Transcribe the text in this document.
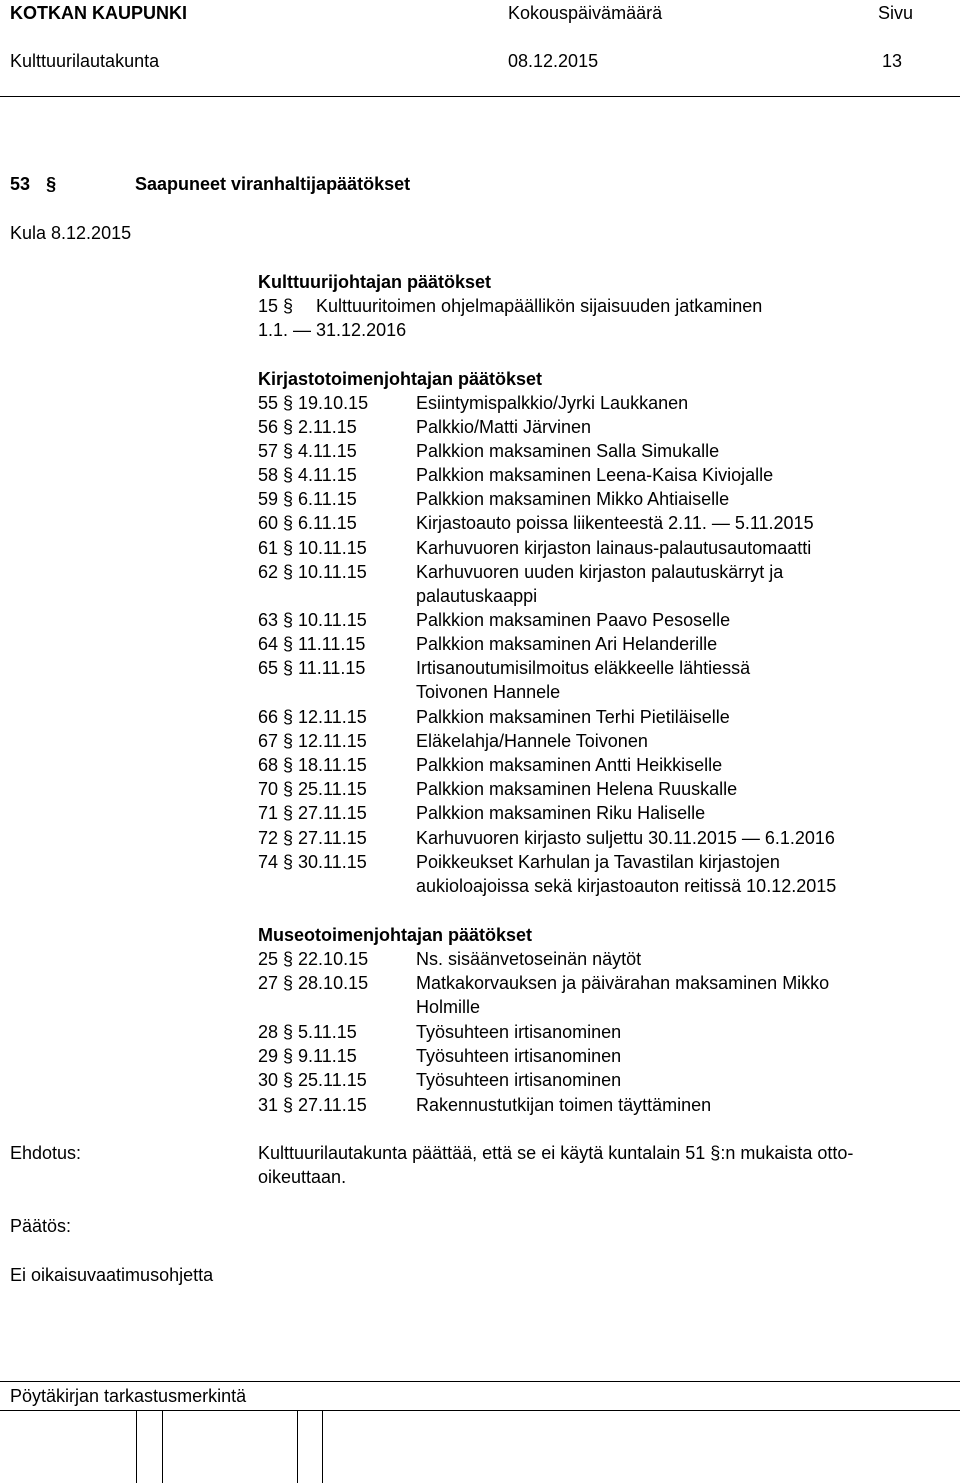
KOTKAN KAUPUNKI	Kokouspäivämäärä	Sivu
Kulttuurilautakunta	08.12.2015	13
53 §	Saapuneet viranhaltijapäätökset
Kula 8.12.2015
Kulttuurijohtajan päätökset
15 § Kulttuuritoimen ohjelmapäällikön sijaisuuden jatkaminen
1.1. — 31.12.2016
Kirjastotoimenjohtajan päätökset
55 § 19.10.15	Esiintymispalkkio/Jyrki Laukkanen
56 § 2.11.15	Palkkio/Matti Järvinen
57 § 4.11.15	Palkkion maksaminen Salla Simukalle
58 § 4.11.15	Palkkion maksaminen Leena-Kaisa Kiviojalle
59 § 6.11.15	Palkkion maksaminen Mikko Ahtiaiselle
60 § 6.11.15	Kirjastoauto poissa liikenteestä 2.11. — 5.11.2015
61 § 10.11.15	Karhuvuoren kirjaston lainaus-palautusautomaatti
62 § 10.11.15	Karhuvuoren uuden kirjaston palautuskärryt ja
palautuskaappi
63 § 10.11.15	Palkkion maksaminen Paavo Pesoselle
64 § 11.11.15	Palkkion maksaminen Ari Helanderille
65 § 11.11.15	Irtisanoutumisilmoitus eläkkeelle lähtiessä
Toivonen Hannele
66 § 12.11.15	Palkkion maksaminen Terhi Pietiläiselle
67 § 12.11.15	Eläkelahja/Hannele Toivonen
68 § 18.11.15	Palkkion maksaminen Antti Heikkiselle
70 § 25.11.15	Palkkion maksaminen Helena Ruuskalle
71 § 27.11.15	Palkkion maksaminen Riku Haliselle
72 § 27.11.15	Karhuvuoren kirjasto suljettu 30.11.2015 — 6.1.2016
74 § 30.11.15	Poikkeukset Karhulan ja Tavastilan kirjastojen
aukioloajoissa sekä kirjastoauton reitissä 10.12.2015
Museotoimenjohtajan päätökset
25 § 22.10.15	Ns. sisäänvetoseinän näytöt
27 § 28.10.15	Matkakorvauksen ja päivärahan maksaminen Mikko
Holmille
28 § 5.11.15	Työsuhteen irtisanominen
29 § 9.11.15	Työsuhteen irtisanominen
30 § 25.11.15	Työsuhteen irtisanominen
31 § 27.11.15	Rakennustutkijan toimen täyttäminen
Ehdotus:	Kulttuurilautakunta päättää, että se ei käytä kuntalain 51 §:n mukaista otto-
oikeuttaan.
Päätös:
Ei oikaisuvaatimusohjetta
Pöytäkirjan tarkastusmerkintä
